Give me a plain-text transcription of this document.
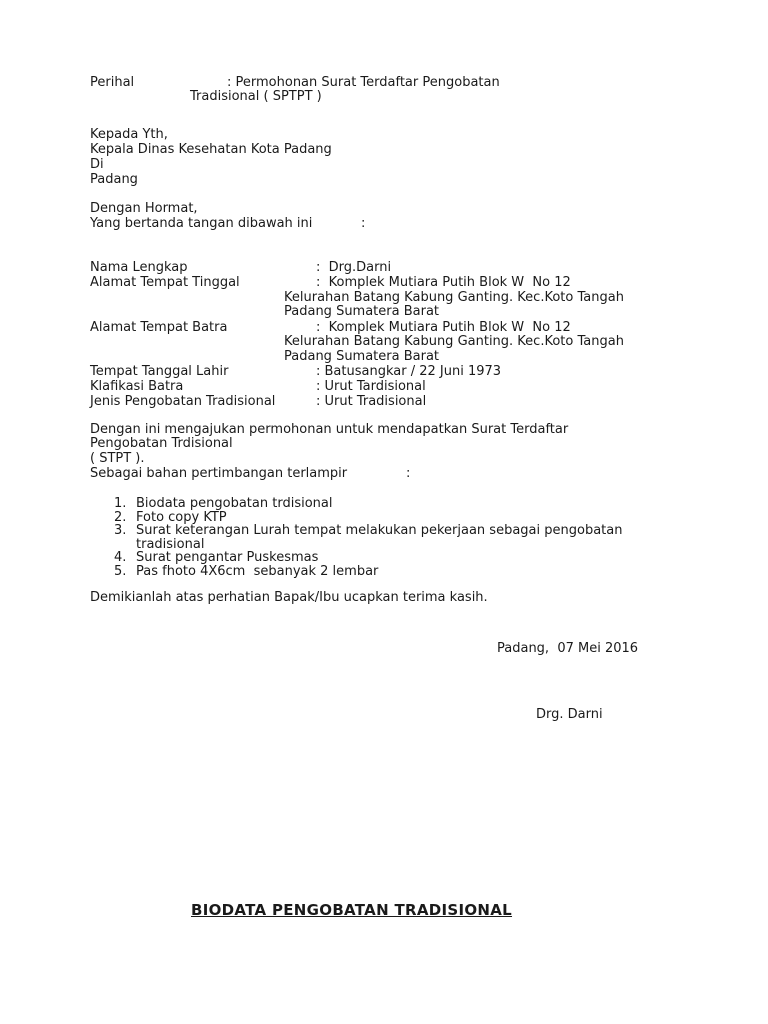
Perihal	: Permohonan Surat Terdaftar Pengobatan
Tradisional ( SPTPT )
Kepada Yth,
Kepala Dinas Kesehatan Kota Padang
Di
Padang
Dengan Hormat,
Yang bertanda tangan dibawah ini	:
Nama Lengkap	:  Drg.Darni
Alamat Tempat Tinggal	:  Komplek Mutiara Putih Blok W  No 12
Kelurahan Batang Kabung Ganting. Kec.Koto Tangah
Padang Sumatera Barat
Alamat Tempat Batra	:  Komplek Mutiara Putih Blok W  No 12
Kelurahan Batang Kabung Ganting. Kec.Koto Tangah
Padang Sumatera Barat
Tempat Tanggal Lahir	: Batusangkar / 22 Juni 1973
Klafikasi Batra	: Urut Tardisional
Jenis Pengobatan Tradisional	: Urut Tradisional
Dengan ini mengajukan permohonan untuk mendapatkan Surat Terdaftar
Pengobatan Trdisional
( STPT ).
Sebagai bahan pertimbangan terlampir	:
1. Biodata pengobatan trdisional
2. Foto copy KTP
3. Surat keterangan Lurah tempat melakukan pekerjaan sebagai pengobatan
tradisional
4. Surat pengantar Puskesmas
5. Pas fhoto 4X6cm  sebanyak 2 lembar
Demikianlah atas perhatian Bapak/Ibu ucapkan terima kasih.
Padang,  07 Mei 2016
Drg. Darni
BIODATA PENGOBATAN TRADISIONAL
